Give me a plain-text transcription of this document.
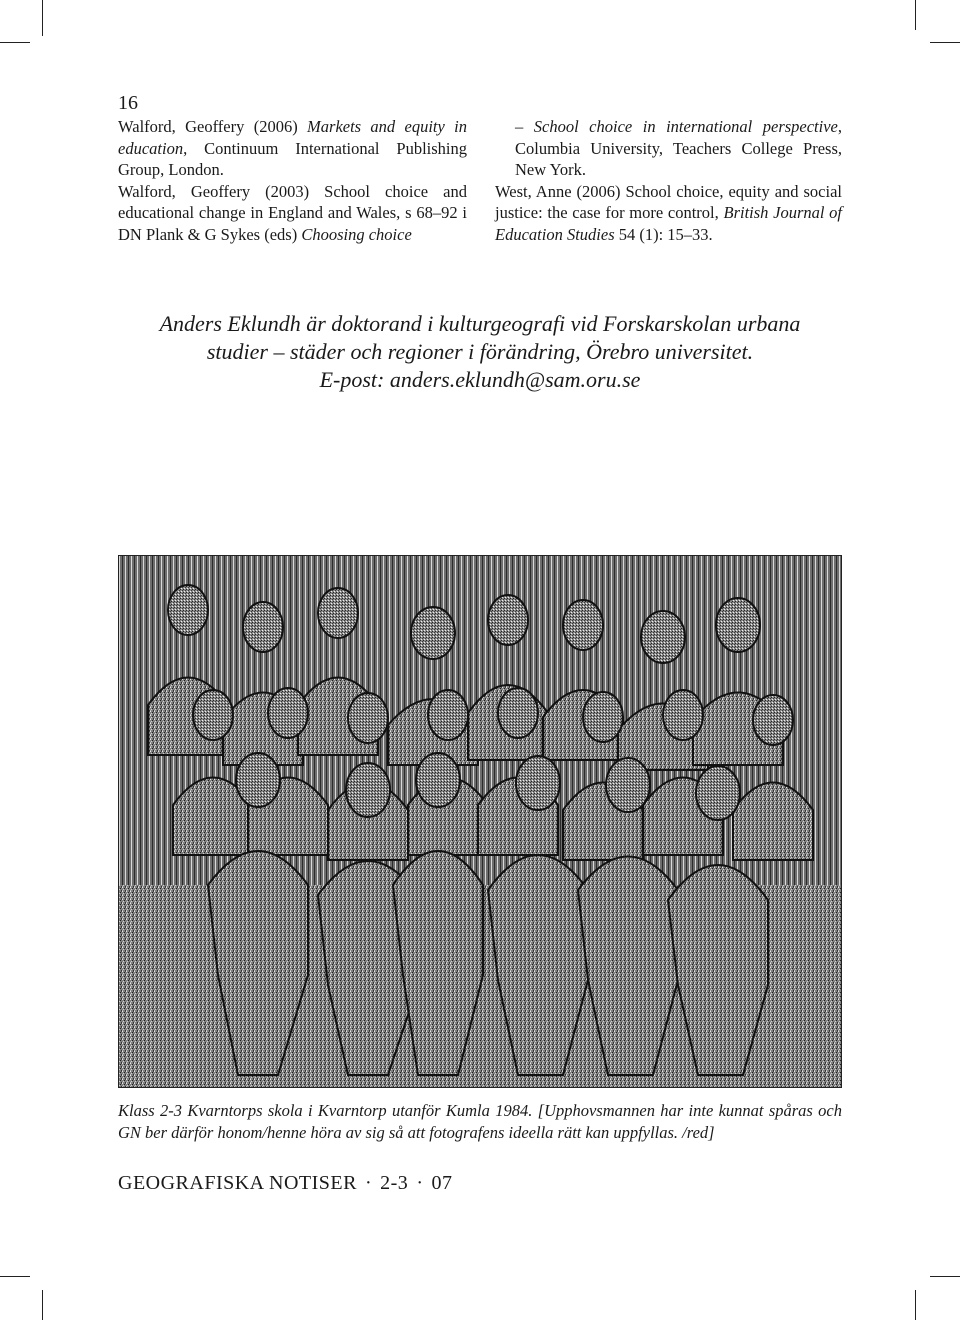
16

Walford, Geoffery (2006) Markets and equity in education, Continuum International Publishing Group, London.

Walford, Geoffery (2003) School choice and educational change in England and Wales, s 68–92 i DN Plank & G Sykes (eds) Choosing choice

– School choice in international perspective, Columbia University, Teachers College Press, New York.

West, Anne (2006) School choice, equity and social justice: the case for more control, British Journal of Education Studies 54 (1): 15–33.

Anders Eklundh är doktorand i kulturgeografi vid Forskarskolan urbana
studier – städer och regioner i förändring, Örebro universitet.
E-post: anders.eklundh@sam.oru.se
Klass 2-3 Kvarntorps skola i Kvarntorp utanför Kumla 1984. [Upphovsmannen har inte kunnat spåras och GN ber därför honom/henne höra av sig så att fotografens ideella rätt kan uppfyllas. /red]
GEOGRAFISKA NOTISER · 2-3 · 07
